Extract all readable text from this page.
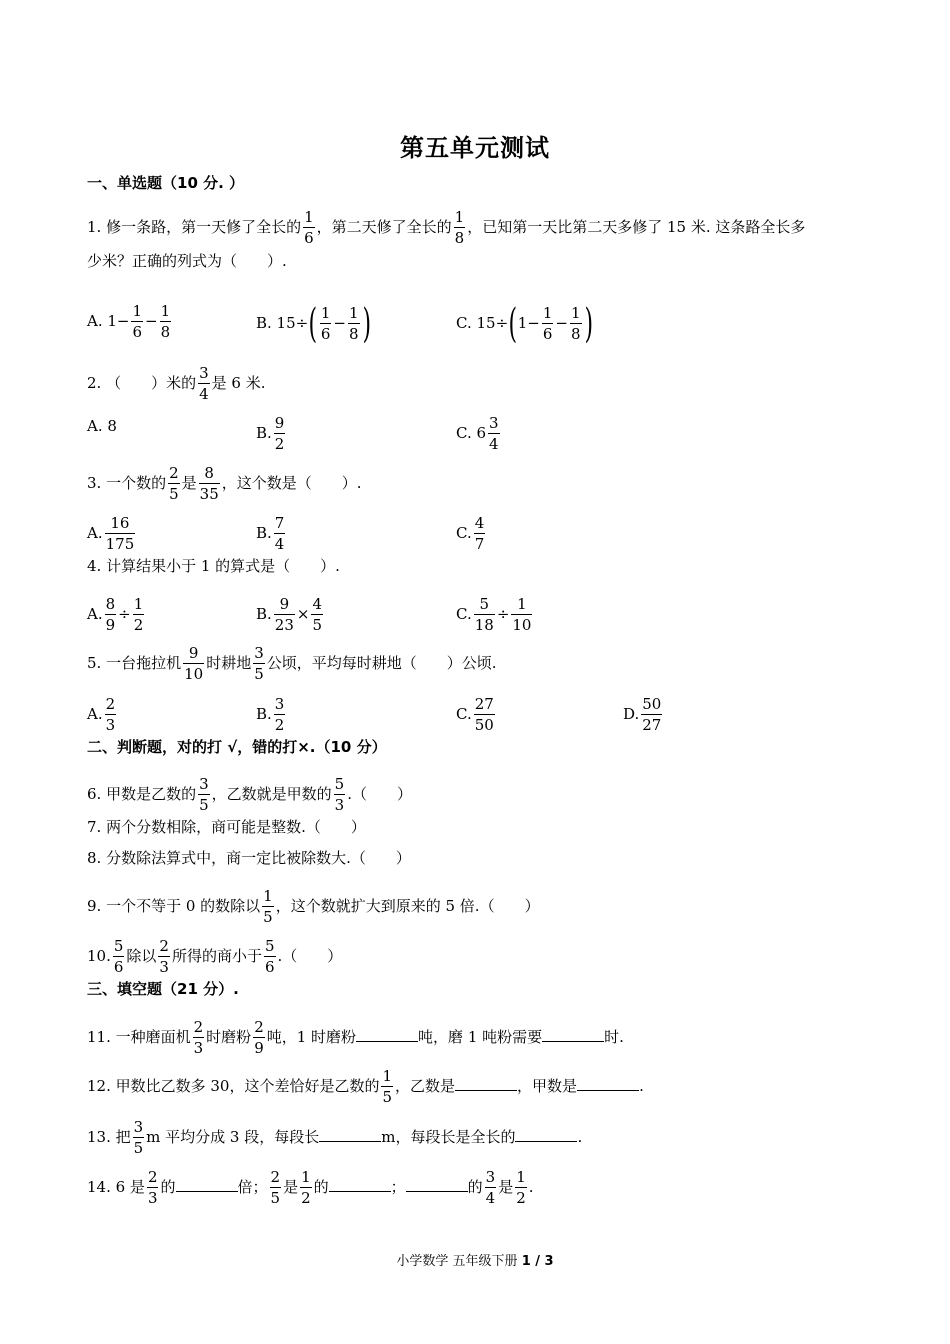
第五单元测试
一、单选题（10 分. ）
1. 修一条路，第一天修了全长的 $\frac{1}{6}$ ，第二天修了全长的 $\frac{1}{8}$ ，已知第一天比第二天多修了 15 米. 这条路全长多
少米？正确的列式为（　　）.
A. $1- \frac{1}{6} - \frac{1}{8}$	B. $15\div( \frac{1}{6} - \frac{1}{8}$ )	C. $15\div(1- \frac{1}{6} - \frac{1}{8}$ )
2. （　　）米的 $\frac{3}{4}$ 是 6 米.
A. 8	B. $\frac{9}{2}$	C. $6 \frac{3}{4}$
3. 一个数的 $\frac{2}{5}$ 是 $\frac{8}{35}$ ，这个数是（　　）.
A. $\frac{16}{175}$	B. $\frac{7}{4}$	C. $\frac{4}{7}$
4. 计算结果小于 1 的算式是（　　）.
A. $\frac{8}{9} \div \frac{1}{2}$	B. $\frac{9}{23} \times \frac{4}{5}$	C. $\frac{5}{18} \div \frac{1}{10}$
5. 一台拖拉机 $\frac{9}{10}$ 时耕地 $\frac{3}{5}$ 公顷，平均每时耕地（　　）公顷.
A. $\frac{2}{3}$	B. $\frac{3}{2}$	C. $\frac{27}{50}$	D. $\frac{50}{27}$
二、判断题，对的打 √，错的打×.（10 分）
6. 甲数是乙数的 $\frac{3}{5}$ ，乙数就是甲数的 $\frac{5}{3}$ .（　　）
7. 两个分数相除，商可能是整数.（　　）
8. 分数除法算式中，商一定比被除数大.（　　）
9. 一个不等于 0 的数除以 $\frac{1}{5}$ ，这个数就扩大到原来的 5 倍.（　　）
10. $\frac{5}{6}$ 除以 $\frac{2}{3}$ 所得的商小于 $\frac{5}{6}$ .（　　）
三、填空题（21 分）.
11. 一种磨面机 $\frac{2}{3}$ 时磨粉 $\frac{2}{9}$ 吨，1 时磨粉	吨，磨 1 吨粉需要	时.
12. 甲数比乙数多 30，这个差恰好是乙数的 $\frac{1}{5}$ ，乙数是	，甲数是	.
13. 把 $\frac{3}{5}$ m 平均分成 3 段，每段长	m，每段长是全长的	.
14. 6 是 $\frac{2}{3}$ 的	倍； $\frac{2}{5}$ 是 $\frac{1}{2}$ 的	；	的 $\frac{3}{4}$ 是 $\frac{1}{2}$ .
小学数学 五年级下册 1 / 3
